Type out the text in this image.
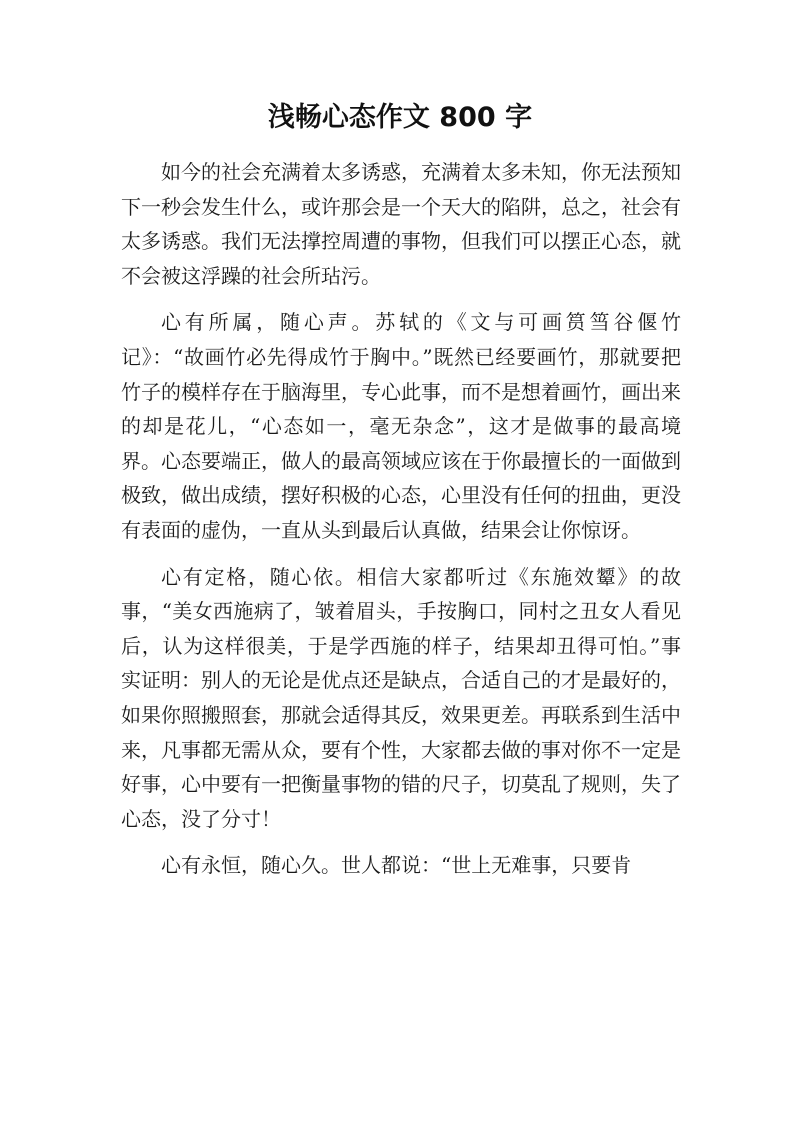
浅畅心态作文 800 字

如今的社会充满着太多诱惑，充满着太多未知，你无法预知下一秒会发生什么，或许那会是一个天大的陷阱，总之，社会有太多诱惑。我们无法撑控周遭的事物，但我们可以摆正心态，就不会被这浮躁的社会所玷污。

心有所属，随心声。苏轼的《文与可画筼筜谷偃竹记》：“故画竹必先得成竹于胸中。”既然已经要画竹，那就要把竹子的模样存在于脑海里，专心此事，而不是想着画竹，画出来的却是花儿，“心态如一，毫无杂念”，这才是做事的最高境界。心态要端正，做人的最高领域应该在于你最擅长的一面做到极致，做出成绩，摆好积极的心态，心里没有任何的扭曲，更没有表面的虚伪，一直从头到最后认真做，结果会让你惊讶。

心有定格，随心依。相信大家都听过《东施效颦》的故事，“美女西施病了，皱着眉头，手按胸口，同村之丑女人看见后，认为这样很美，于是学西施的样子，结果却丑得可怕。”事实证明：别人的无论是优点还是缺点，合适自己的才是最好的，如果你照搬照套，那就会适得其反，效果更差。再联系到生活中来，凡事都无需从众，要有个性，大家都去做的事对你不一定是好事，心中要有一把衡量事物的错的尺子，切莫乱了规则，失了心态，没了分寸！

心有永恒，随心久。世人都说：“世上无难事，只要肯
